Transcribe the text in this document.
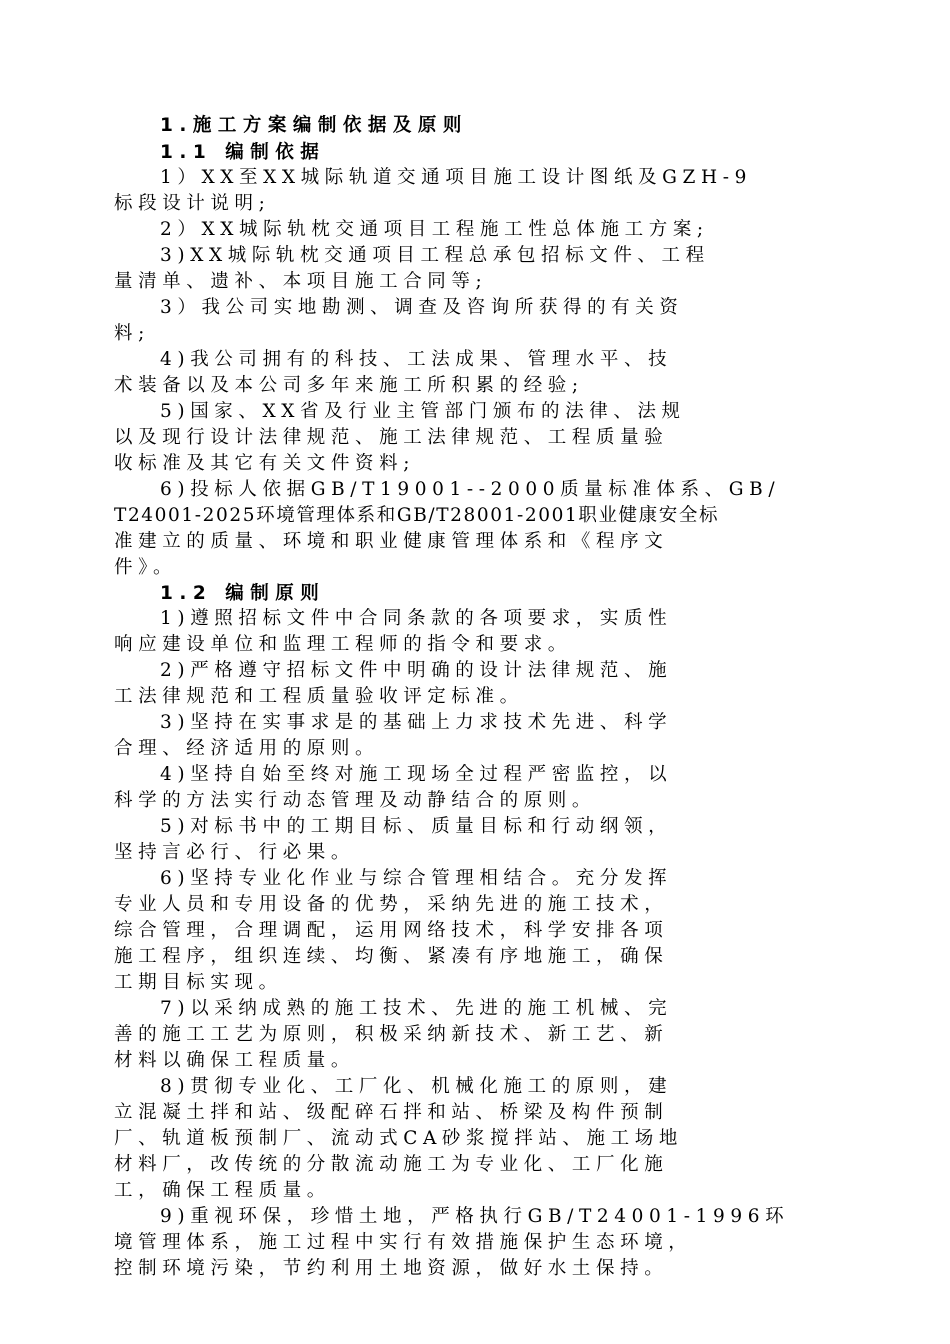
1.施工方案编制依据及原则
1.1 编制依据
1）XX至XX城际轨道交通项目施工设计图纸及GZH-9
标段设计说明;
2）XX城际轨枕交通项目工程施工性总体施工方案;
3)XX城际轨枕交通项目工程总承包招标文件、工程
量清单、遗补、本项目施工合同等;
3）我公司实地勘测、调查及咨询所获得的有关资
料;
4)我公司拥有的科技、工法成果、管理水平、技
术装备以及本公司多年来施工所积累的经验;
5)国家、XX省及行业主管部门颁布的法律、法规
以及现行设计法律规范、施工法律规范、工程质量验
收标准及其它有关文件资料;
6)投标人依据GB/T19001--2000质量标准体系、GB/
T24001-2025环境管理体系和GB/T28001-2001职业健康安全标
准建立的质量、环境和职业健康管理体系和《程序文
件》。
1.2 编制原则
1)遵照招标文件中合同条款的各项要求，实质性
响应建设单位和监理工程师的指令和要求。
2)严格遵守招标文件中明确的设计法律规范、施
工法律规范和工程质量验收评定标准。
3)坚持在实事求是的基础上力求技术先进、科学
合理、经济适用的原则。
4)坚持自始至终对施工现场全过程严密监控，以
科学的方法实行动态管理及动静结合的原则。
5)对标书中的工期目标、质量目标和行动纲领，
坚持言必行、行必果。
6)坚持专业化作业与综合管理相结合。充分发挥
专业人员和专用设备的优势，采纳先进的施工技术，
综合管理，合理调配，运用网络技术，科学安排各项
施工程序，组织连续、均衡、紧凑有序地施工，确保
工期目标实现。
7)以采纳成熟的施工技术、先进的施工机械、完
善的施工工艺为原则，积极采纳新技术、新工艺、新
材料以确保工程质量。
8)贯彻专业化、工厂化、机械化施工的原则，建
立混凝土拌和站、级配碎石拌和站、桥梁及构件预制
厂、轨道板预制厂、流动式CA砂浆搅拌站、施工场地
材料厂，改传统的分散流动施工为专业化、工厂化施
工，确保工程质量。
9)重视环保，珍惜土地，严格执行GB/T24001-1996环
境管理体系，施工过程中实行有效措施保护生态环境，
控制环境污染，节约利用土地资源，做好水土保持。
